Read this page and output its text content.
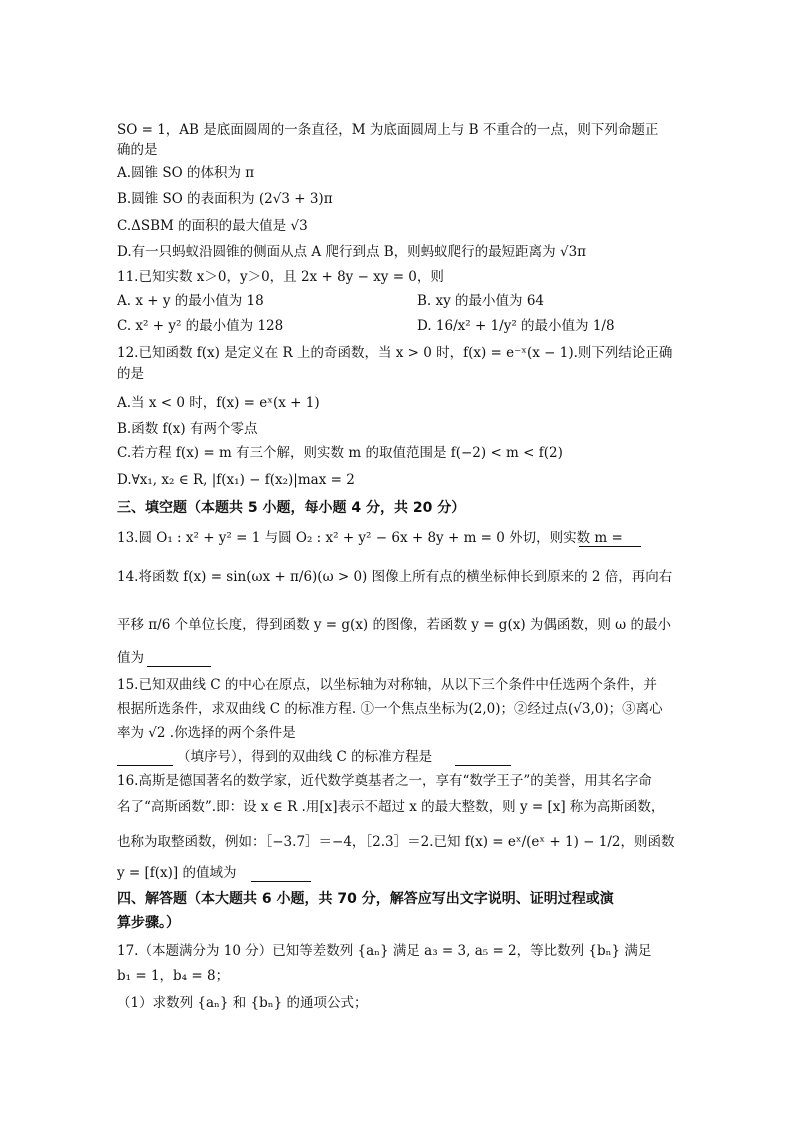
SO = 1，AB 是底面圆周的一条直径，M 为底面圆周上与 B 不重合的一点，则下列命题正
确的是
A.圆锥 SO 的体积为 π
B.圆锥 SO 的表面积为 (2√3 + 3)π
C.ΔSBM 的面积的最大值是 √3
D.有一只蚂蚁沿圆锥的侧面从点 A 爬行到点 B，则蚂蚁爬行的最短距离为 √3π
11.已知实数 x＞0，y＞0，且 2x + 8y − xy = 0，则
12.已知函数 f(x) 是定义在 R 上的奇函数，当 x > 0 时，f(x) = e⁻ˣ(x − 1).则下列结论正确
的是
A.当 x < 0 时，f(x) = eˣ(x + 1)
B.函数 f(x) 有两个零点
C.若方程 f(x) = m 有三个解，则实数 m 的取值范围是 f(−2) < m < f(2)
D.∀x₁, x₂ ∈ R, |f(x₁) − f(x₂)|max = 2
13.圆 O₁ : x² + y² = 1 与圆 O₂ : x² + y² − 6x + 8y + m = 0 外切，则实数 m =
14.将函数 f(x) = sin(ωx + π/6)(ω > 0) 图像上所有点的横坐标伸长到原来的 2 倍，再向右
平移 π/6 个单位长度，得到函数 y = g(x) 的图像，若函数 y = g(x) 为偶函数，则 ω 的最小
值为
15.已知双曲线 C 的中心在原点，以坐标轴为对称轴，从以下三个条件中任选两个条件，并
根据所选条件，求双曲线 C 的标准方程. ①一个焦点坐标为(2,0)；②经过点(√3,0)；③离心
率为 √2 .你选择的两个条件是
（填序号），得到的双曲线 C 的标准方程是
16.高斯是德国著名的数学家，近代数学奠基者之一，享有“数学王子”的美誉，用其名字命
名了“高斯函数”.即：设 x ∈ R .用[x]表示不超过 x 的最大整数，则 y = [x] 称为高斯函数，
也称为取整函数，例如：［−3.7］＝−4，［2.3］＝2.已知 f(x) = eˣ/(eˣ + 1) − 1/2，则函数
y = [f(x)] 的值域为
17.（本题满分为 10 分）已知等差数列 {aₙ} 满足 a₃ = 3, a₅ = 2，等比数列 {bₙ} 满足
b₁ = 1，b₄ = 8；
（1）求数列 {aₙ} 和 {bₙ} 的通项公式；
A. x + y 的最小值为 18	B. xy 的最小值为 64
C. x² + y² 的最小值为 128	D. 16/x² + 1/y² 的最小值为 1/8
三、填空题（本题共 5 小题，每小题 4 分，共 20 分）
四、解答题（本大题共 6 小题，共 70 分，解答应写出文字说明、证明过程或演
算步骤。）
